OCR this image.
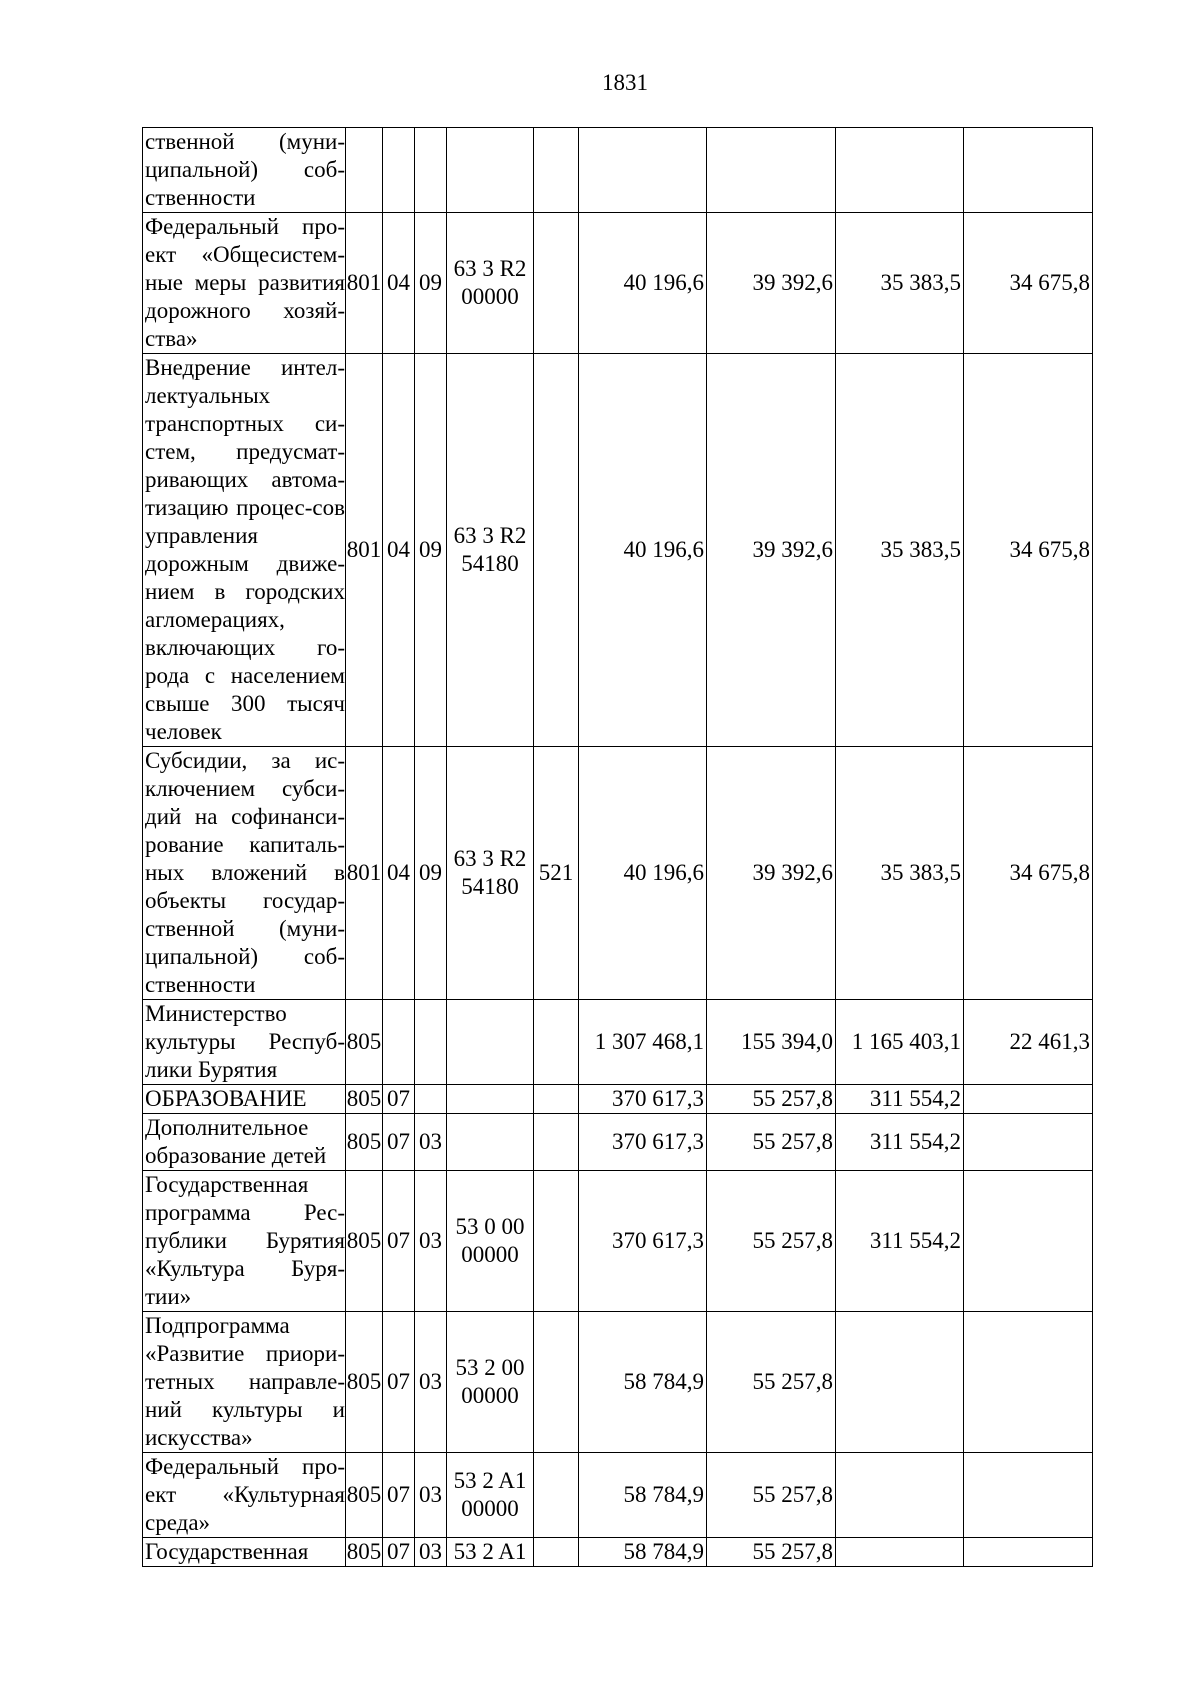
1831
ственной (муни-ципальной) соб-ственности									
Федеральный про-ект «Общесистем-ные меры развития дорожного хозяй-ства»	801	04	09	63 3 R2 00000		40 196,6	39 392,6	35 383,5	34 675,8
Внедрение интел-лектуальных транспортных си-стем, предусмат-ривающих автома-тизацию процес-сов управления дорожным движе-нием в городских агломерациях, включающих го-рода с населением свыше 300 тысяч человек	801	04	09	63 3 R2 54180		40 196,6	39 392,6	35 383,5	34 675,8
Субсидии, за ис-ключением субси-дий на софинанси-рование капиталь-ных вложений в объекты государ-ственной (муни-ципальной) соб-ственности	801	04	09	63 3 R2 54180	521	40 196,6	39 392,6	35 383,5	34 675,8
Министерство культуры Респуб-лики Бурятия	805					1 307 468,1	155 394,0	1 165 403,1	22 461,3
ОБРАЗОВАНИЕ	805	07				370 617,3	55 257,8	311 554,2	
Дополнительное образование детей	805	07	03			370 617,3	55 257,8	311 554,2	
Государственная программа Рес-публики Бурятия «Культура Буря-тии»	805	07	03	53 0 00 00000		370 617,3	55 257,8	311 554,2	
Подпрограмма «Развитие приори-тетных направле-ний культуры и искусства»	805	07	03	53 2 00 00000		58 784,9	55 257,8		
Федеральный про-ект «Культурная среда»	805	07	03	53 2 A1 00000		58 784,9	55 257,8		
Государственная	805	07	03	53 2 A1		58 784,9	55 257,8		
